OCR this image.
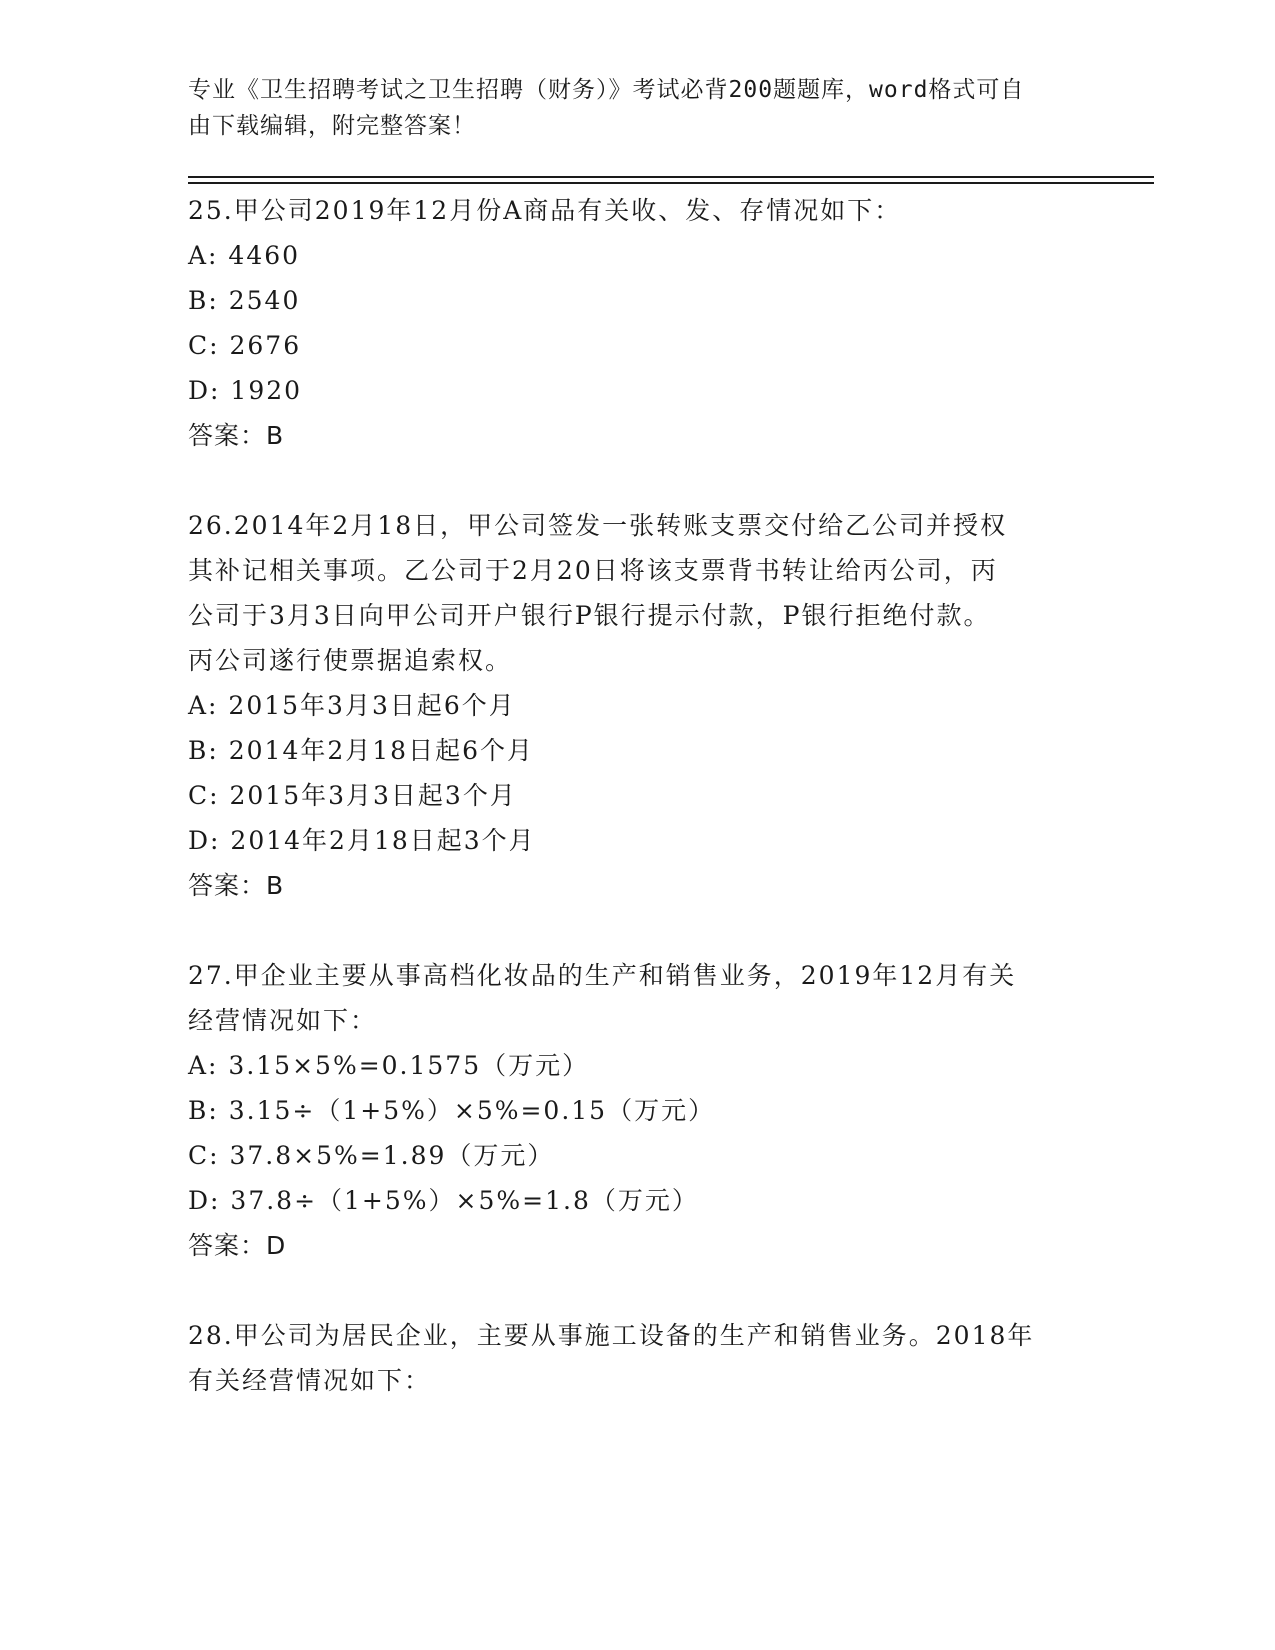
专业《卫生招聘考试之卫生招聘（财务）》考试必背200题题库，word格式可自
由下载编辑，附完整答案！
25.甲公司2019年12月份A商品有关收、发、存情况如下：
A: 4460
B: 2540
C: 2676
D: 1920
答案：B
26.2014年2月18日，甲公司签发一张转账支票交付给乙公司并授权
其补记相关事项。乙公司于2月20日将该支票背书转让给丙公司，丙
公司于3月3日向甲公司开户银行P银行提示付款，P银行拒绝付款。
丙公司遂行使票据追索权。
A: 2015年3月3日起6个月
B: 2014年2月18日起6个月
C: 2015年3月3日起3个月
D: 2014年2月18日起3个月
答案：B
27.甲企业主要从事高档化妆品的生产和销售业务，2019年12月有关
经营情况如下：
A: 3.15×5%=0.1575（万元）
B: 3.15÷（1+5%）×5%=0.15（万元）
C: 37.8×5%=1.89（万元）
D: 37.8÷（1+5%）×5%=1.8（万元）
答案：D
28.甲公司为居民企业，主要从事施工设备的生产和销售业务。2018年
有关经营情况如下：
